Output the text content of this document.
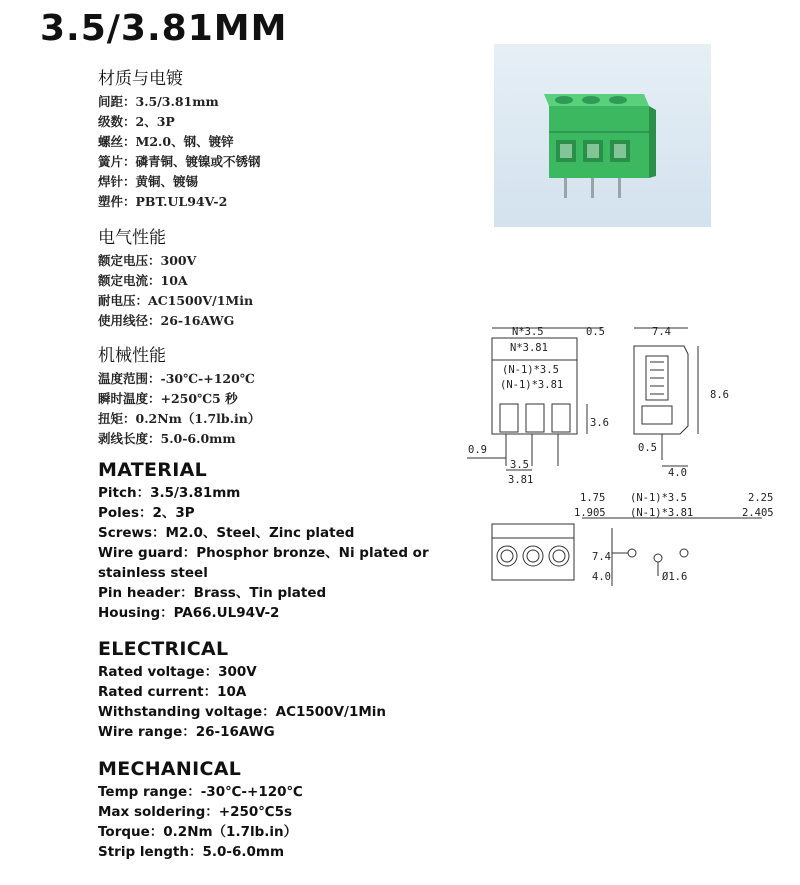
3.5/3.81MM
材质与电镀
间距：3.5/3.81mm
级数：2、3P
螺丝：M2.0、钢、镀锌
簧片：磷青铜、镀镍或不锈钢
焊针：黄铜、镀锡
塑件：PBT.UL94V-2
电气性能
额定电压：300V
额定电流：10A
耐电压：AC1500V/1Min
使用线径：26-16AWG
机械性能
温度范围：-30℃-+120℃
瞬时温度：+250℃5 秒
扭矩：0.2Nm（1.7lb.in）
剥线长度：5.0-6.0mm
MATERIAL
Pitch：3.5/3.81mm
Poles：2、3P
Screws：M2.0、Steel、Zinc plated
Wire guard：Phosphor bronze、Ni plated or
stainless steel
Pin header：Brass、Tin plated
Housing：PA66.UL94V-2
ELECTRICAL
Rated voltage：300V
Rated current：10A
Withstanding voltage：AC1500V/1Min
Wire range：26-16AWG
MECHANICAL
Temp range：-30℃-+120℃
Max soldering：+250℃5s
Torque：0.2Nm（1.7lb.in）
Strip length：5.0-6.0mm
N*3.5
N*3.81
0.5	7.4
(N-1)*3.5
(N-1)*3.81
8.6
3.6
0.9	0.5
3.5
3.81
4.0
1.75
1.905
(N-1)*3.5
(N-1)*3.81
2.25
2.405
7.4
4.0	Ø1.6
